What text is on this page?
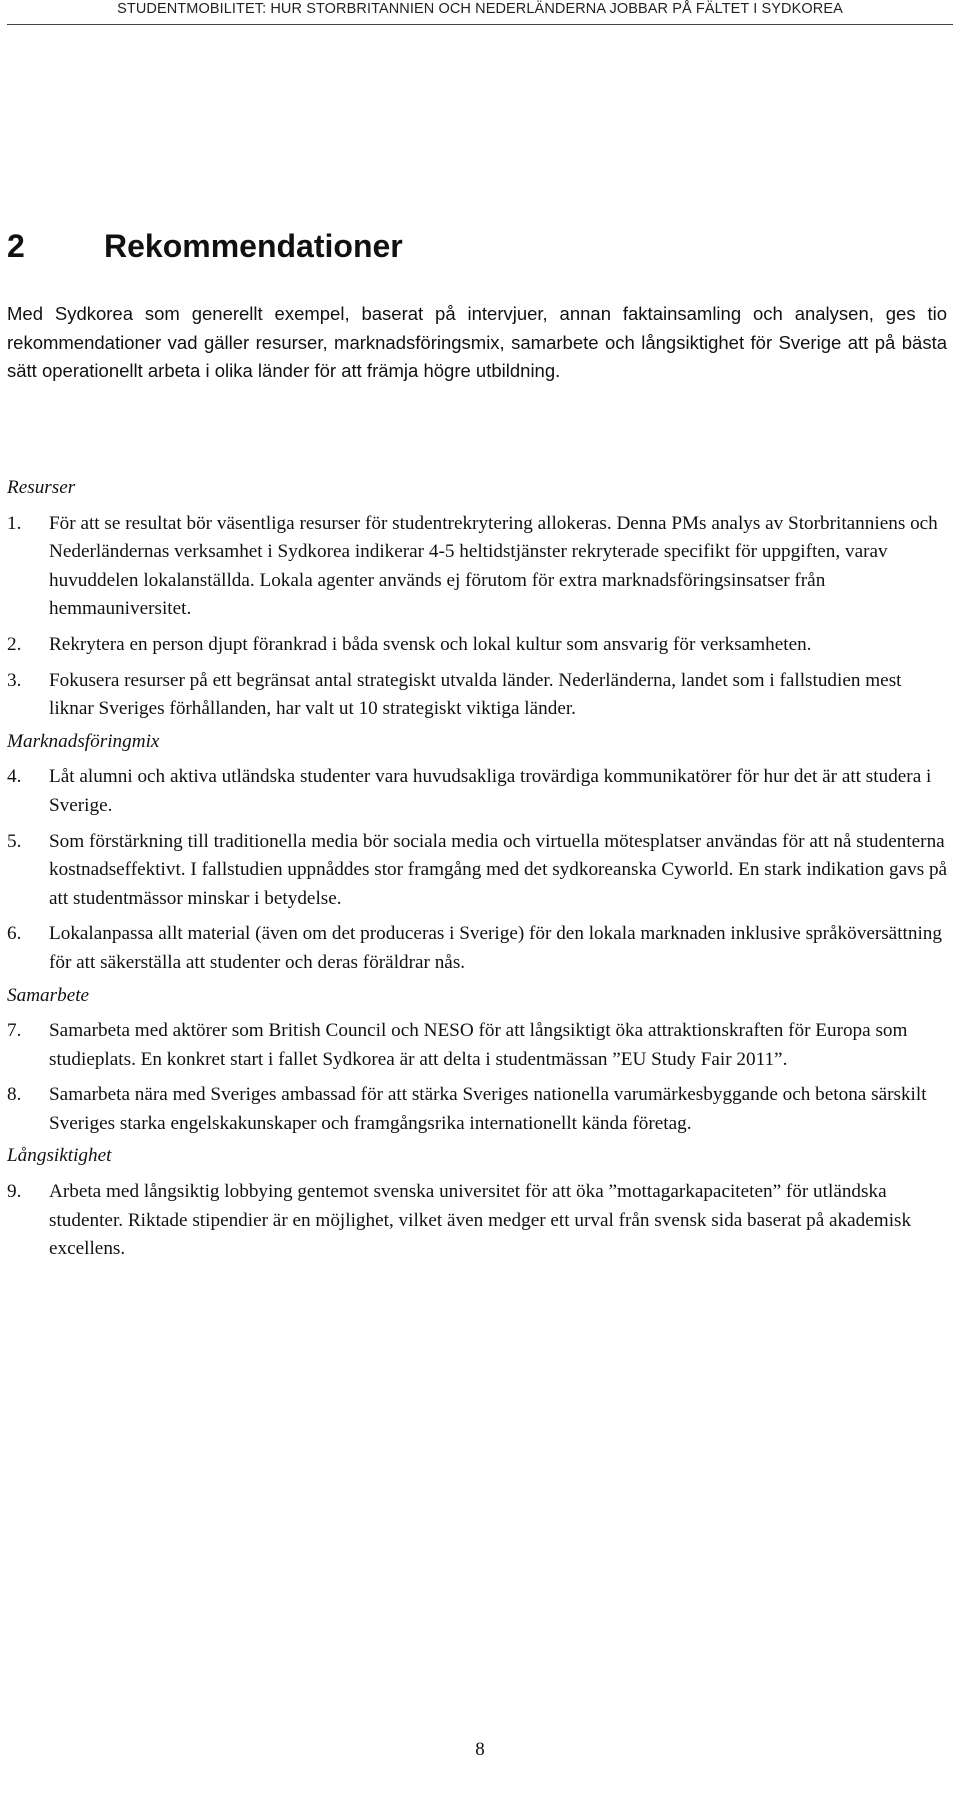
STUDENTMOBILITET: HUR STORBRITANNIEN OCH NEDERLÄNDERNA JOBBAR PÅ FÄLTET I SYDKOREA
2 Rekommendationer
Med Sydkorea som generellt exempel, baserat på intervjuer, annan faktainsamling och analysen, ges tio rekommendationer vad gäller resurser, marknadsföringsmix, samarbete och långsiktighet för Sverige att på bästa sätt operationellt arbeta i olika länder för att främja högre utbildning.
Resurser
1. För att se resultat bör väsentliga resurser för studentrekrytering allokeras. Denna PMs analys av Storbritanniens och Nederländernas verksamhet i Sydkorea indikerar 4-5 heltidstjänster rekryterade specifikt för uppgiften, varav huvuddelen lokalanställda. Lokala agenter används ej förutom för extra marknadsföringsinsatser från hemmauniversitet.
2. Rekrytera en person djupt förankrad i båda svensk och lokal kultur som ansvarig för verksamheten.
3. Fokusera resurser på ett begränsat antal strategiskt utvalda länder. Nederländerna, landet som i fallstudien mest liknar Sveriges förhållanden, har valt ut 10 strategiskt viktiga länder.
Marknadsföringmix
4. Låt alumni och aktiva utländska studenter vara huvudsakliga trovärdiga kommunikatörer för hur det är att studera i Sverige.
5. Som förstärkning till traditionella media bör sociala media och virtuella mötesplatser användas för att nå studenterna kostnadseffektivt. I fallstudien uppnåddes stor framgång med det sydkoreanska Cyworld. En stark indikation gavs på att studentmässor minskar i betydelse.
6. Lokalanpassa allt material (även om det produceras i Sverige) för den lokala marknaden inklusive språköversättning för att säkerställa att studenter och deras föräldrar nås.
Samarbete
7. Samarbeta med aktörer som British Council och NESO för att långsiktigt öka attraktionskraften för Europa som studieplats. En konkret start i fallet Sydkorea är att delta i studentmässan ”EU Study Fair 2011”.
8. Samarbeta nära med Sveriges ambassad för att stärka Sveriges nationella varumärkesbyggande och betona särskilt Sveriges starka engelskakunskaper och framgångsrika internationellt kända företag.
Långsiktighet
9. Arbeta med långsiktig lobbying gentemot svenska universitet för att öka ”mottagarkapaciteten” för utländska studenter. Riktade stipendier är en möjlighet, vilket även medger ett urval från svensk sida baserat på akademisk excellens.
8
